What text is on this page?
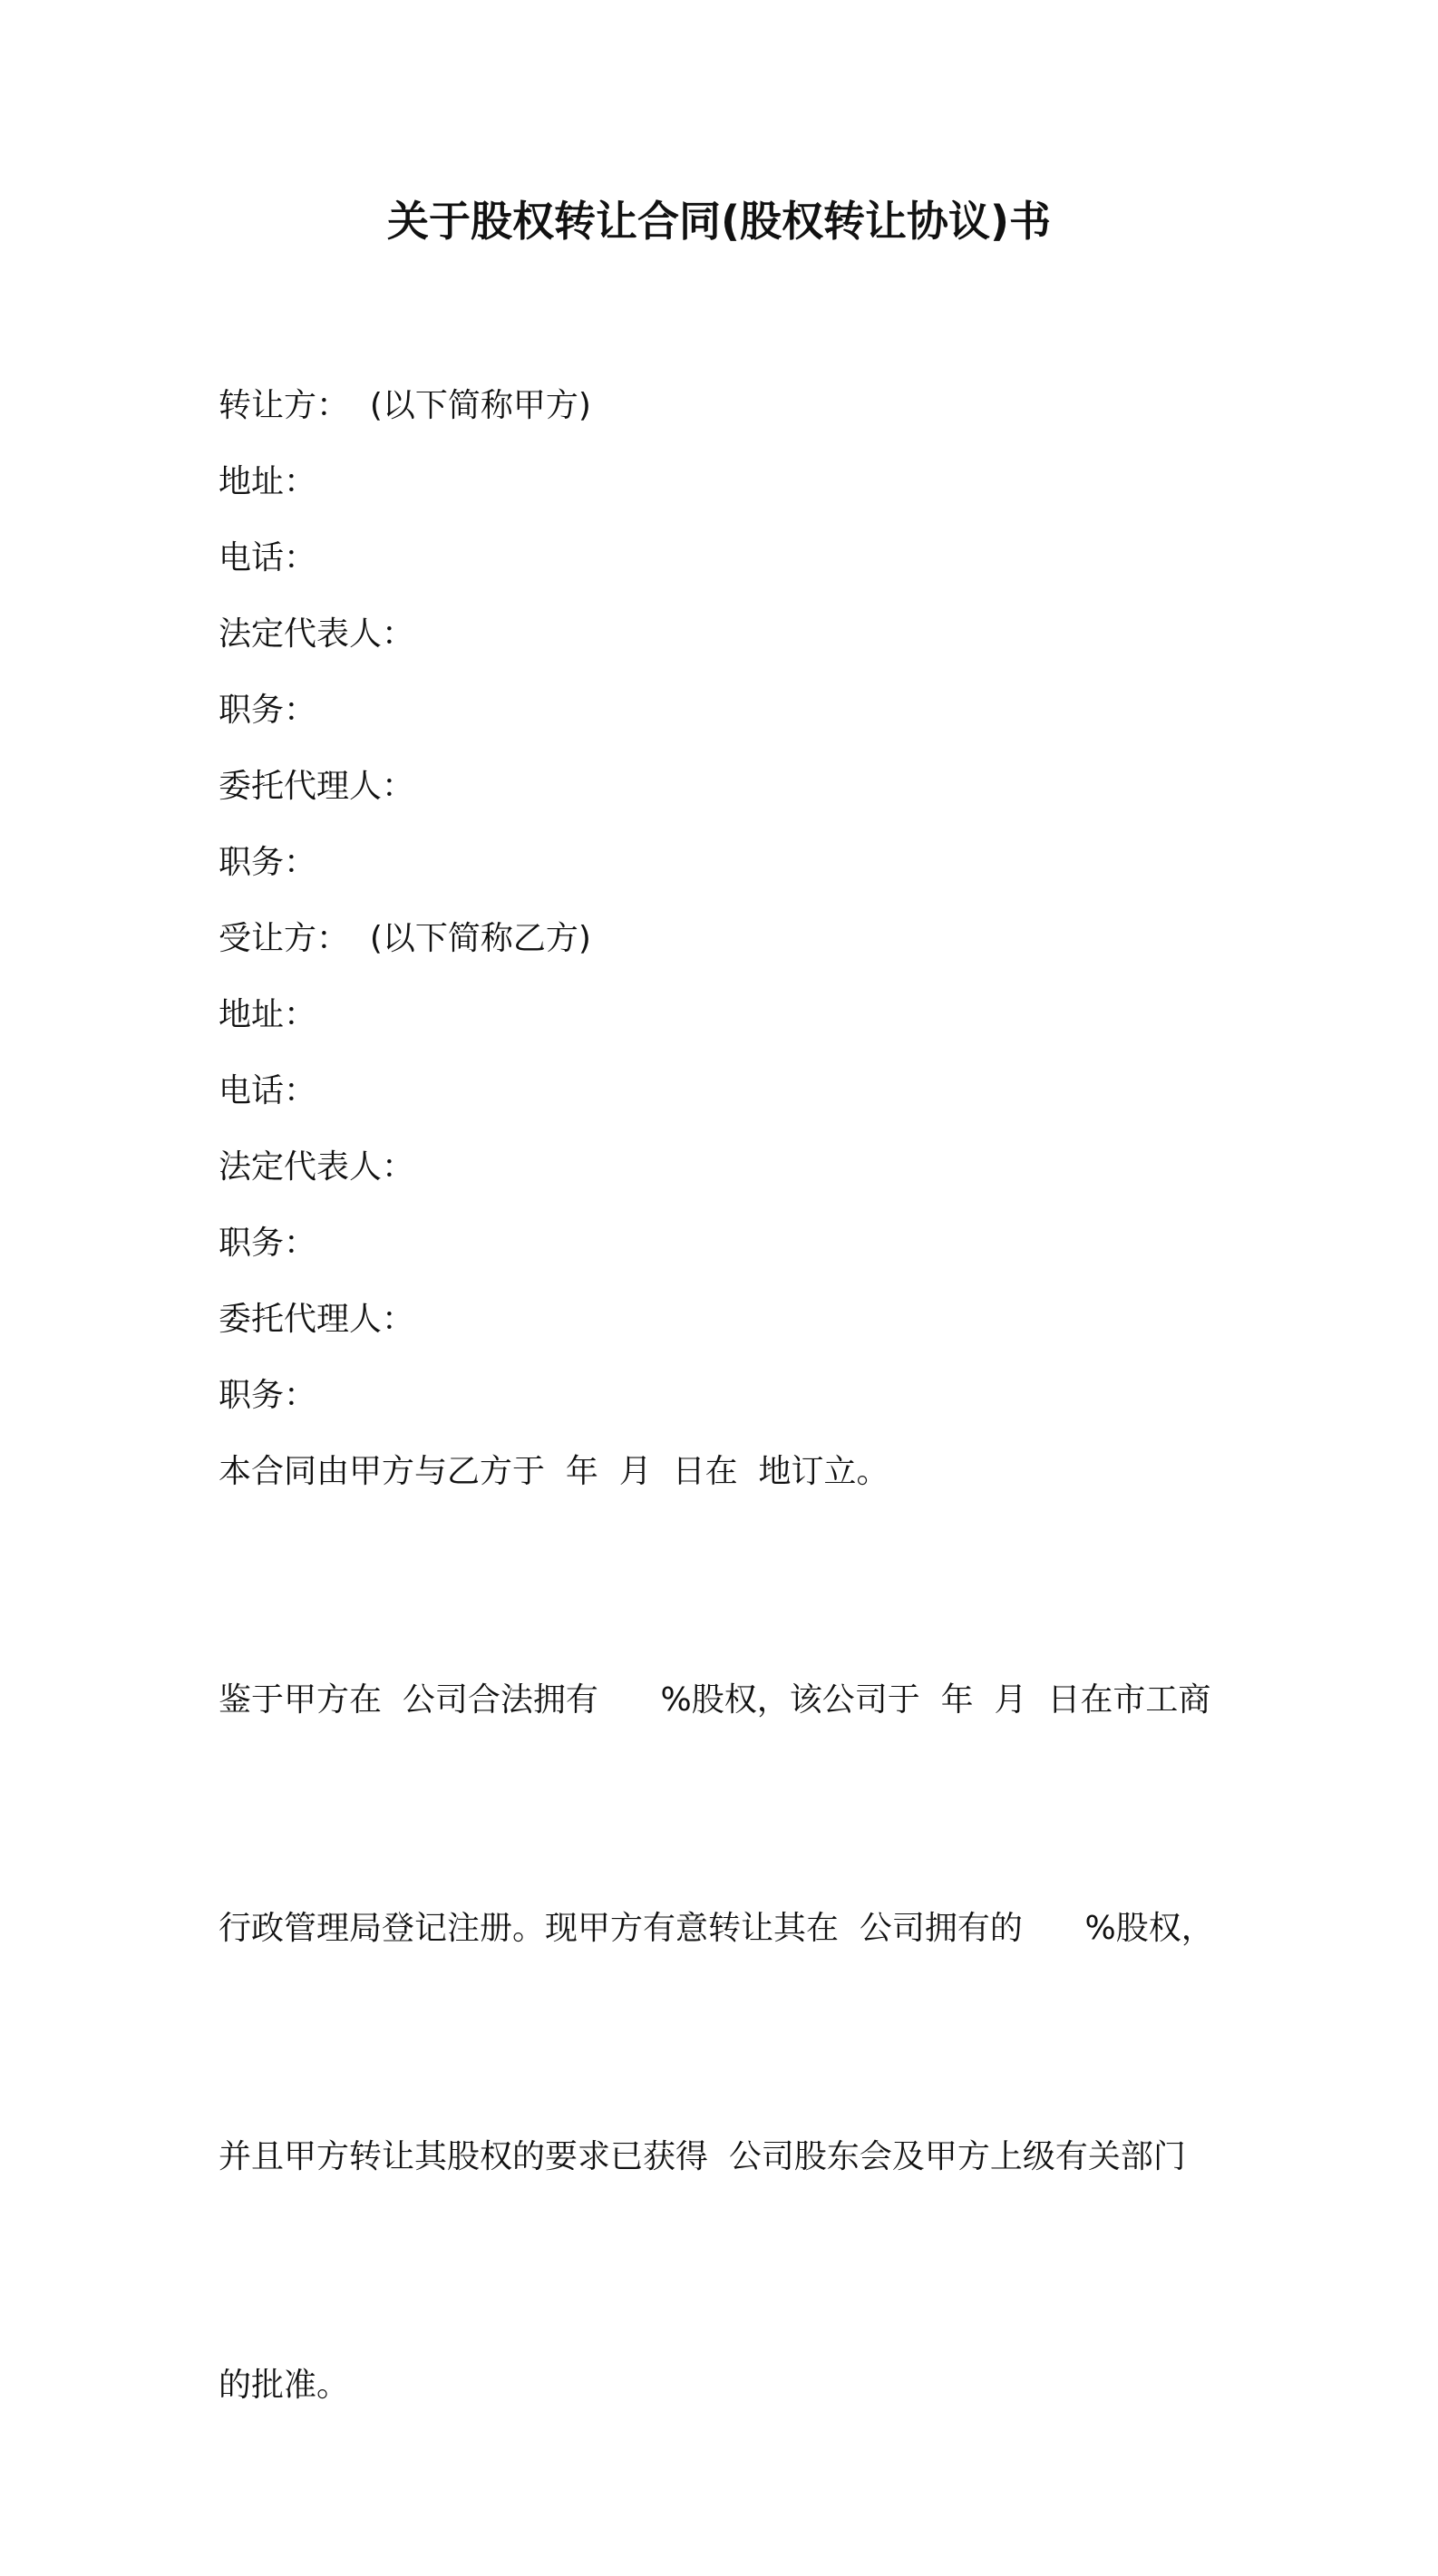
关于股权转让合同(股权转让协议)书

转让方：  (以下简称甲方)

地址：

电话：

法定代表人：

职务：

委托代理人：

职务：

受让方：  (以下简称乙方)

地址：

电话：

法定代表人：

职务：

委托代理人：

职务：

本合同由甲方与乙方于  年  月  日在  地订立。

鉴于甲方在  公司合法拥有      %股权，该公司于  年  月  日在市工商

行政管理局登记注册。现甲方有意转让其在  公司拥有的      %股权，

并且甲方转让其股权的要求已获得  公司股东会及甲方上级有关部门

的批准。
